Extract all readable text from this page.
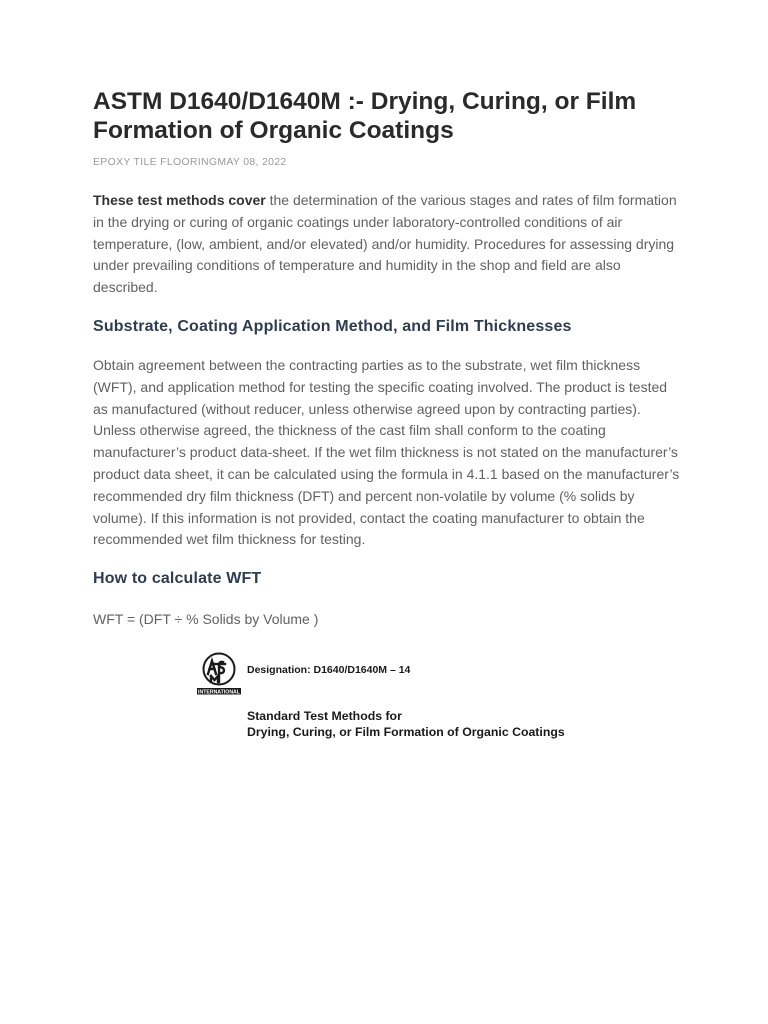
ASTM D1640/D1640M :- Drying, Curing, or Film Formation of Organic Coatings
EPOXY TILE FLOORINGMAY 08, 2022

These test methods cover the determination of the various stages and rates of film formation in the drying or curing of organic coatings under laboratory-controlled conditions of air temperature, (low, ambient, and/or elevated) and/or humidity. Procedures for assessing drying under prevailing conditions of temperature and humidity in the shop and field are also described.

Substrate, Coating Application Method, and Film Thicknesses

Obtain agreement between the contracting parties as to the substrate, wet film thickness (WFT), and application method for testing the specific coating involved. The product is tested as manufactured (without reducer, unless otherwise agreed upon by contracting parties). Unless otherwise agreed, the thickness of the cast film shall conform to the coating manufacturer’s product data-sheet. If the wet film thickness is not stated on the manufacturer’s product data sheet, it can be calculated using the formula in 4.1.1 based on the manufacturer’s recommended dry film thickness (DFT) and percent non-volatile by volume (% solids by volume). If this information is not provided, contact the coating manufacturer to obtain the recommended wet film thickness for testing.

How to calculate WFT
WFT = (DFT ÷ % Solids by Volume )
INTERNATIONAL
Designation: D1640/D1640M – 14
Standard Test Methods for
Drying, Curing, or Film Formation of Organic Coatings
